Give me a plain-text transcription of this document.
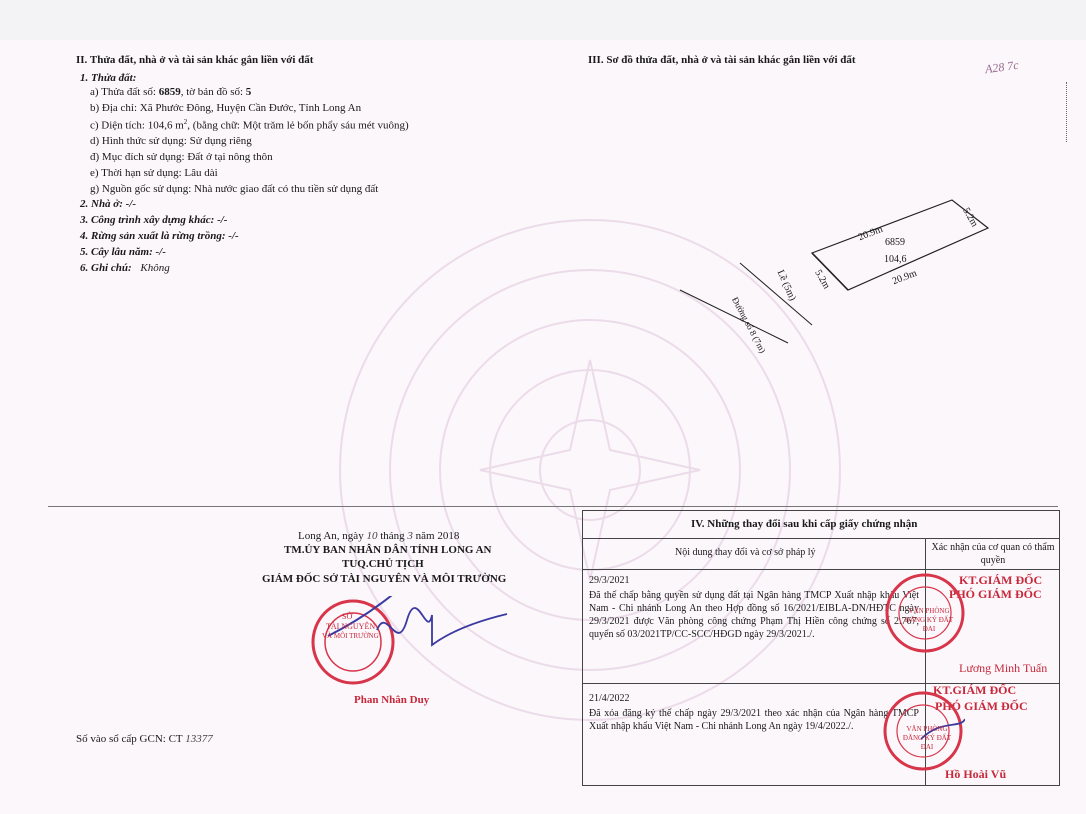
II. Thửa đất, nhà ở và tài sản khác gắn liền với đất
1. Thửa đất:
a) Thửa đất số: 6859, tờ bản đồ số: 5
b) Địa chỉ: Xã Phước Đông, Huyện Cần Đước, Tỉnh Long An
c) Diện tích: 104,6 $m^2$, (bằng chữ: Một trăm lẻ bốn phẩy sáu mét vuông)
d) Hình thức sử dụng: Sử dụng riêng
đ) Mục đích sử dụng: Đất ở tại nông thôn
e) Thời hạn sử dụng: Lâu dài
g) Nguồn gốc sử dụng: Nhà nước giao đất có thu tiền sử dụng đất
2. Nhà ở: -/-
3. Công trình xây dựng khác: -/-
4. Rừng sản xuất là rừng trồng: -/-
5. Cây lâu năm: -/-
6. Ghi chú: Không
III. Sơ đồ thửa đất, nhà ở và tài sản khác gắn liền với đất	A28 7c
20.9m
5.2m
5.2m	20.9m
6859
104,6
Lề (5m)
Đường số 8 (7m)
Long An, ngày 10 tháng 3 năm 2018
TM.ỦY BAN NHÂN DÂN TỈNH LONG AN
TUQ.CHỦ TỊCH
GIÁM ĐỐC SỞ TÀI NGUYÊN VÀ MÔI TRƯỜNG
SỞ
TÀI NGUYÊN
VÀ MÔI TRƯỜNG
Phan Nhân Duy
Số vào sổ cấp GCN: CT 13377
IV. Những thay đổi sau khi cấp giấy chứng nhận
Nội dung thay đổi và cơ sở pháp lý	Xác nhận của cơ quan có thẩm quyền
29/3/2021
Đã thế chấp bằng quyền sử dụng đất tại Ngân hàng TMCP Xuất nhập khẩu Việt Nam - Chi nhánh Long An theo Hợp đồng số 16/2021/EIBLA-DN/HĐTC ngày 29/3/2021 được Văn phòng công chứng Phạm Thị Hiền công chứng số 2.767, quyển số 03/2021TP/CC-SCC/HĐGD ngày 29/3/2021./.
KT.GIÁM ĐỐC
PHÓ GIÁM ĐỐC
VĂN PHÒNG ĐĂNG KÝ ĐẤT ĐAI
Lương Minh Tuấn
21/4/2022
Đã xóa đăng ký thế chấp ngày 29/3/2021 theo xác nhận của Ngân hàng TMCP Xuất nhập khẩu Việt Nam - Chi nhánh Long An ngày 19/4/2022./.
KT.GIÁM ĐỐC
PHÓ GIÁM ĐỐC
VĂN PHÒNG ĐĂNG KÝ ĐẤT ĐAI
Hồ Hoài Vũ
